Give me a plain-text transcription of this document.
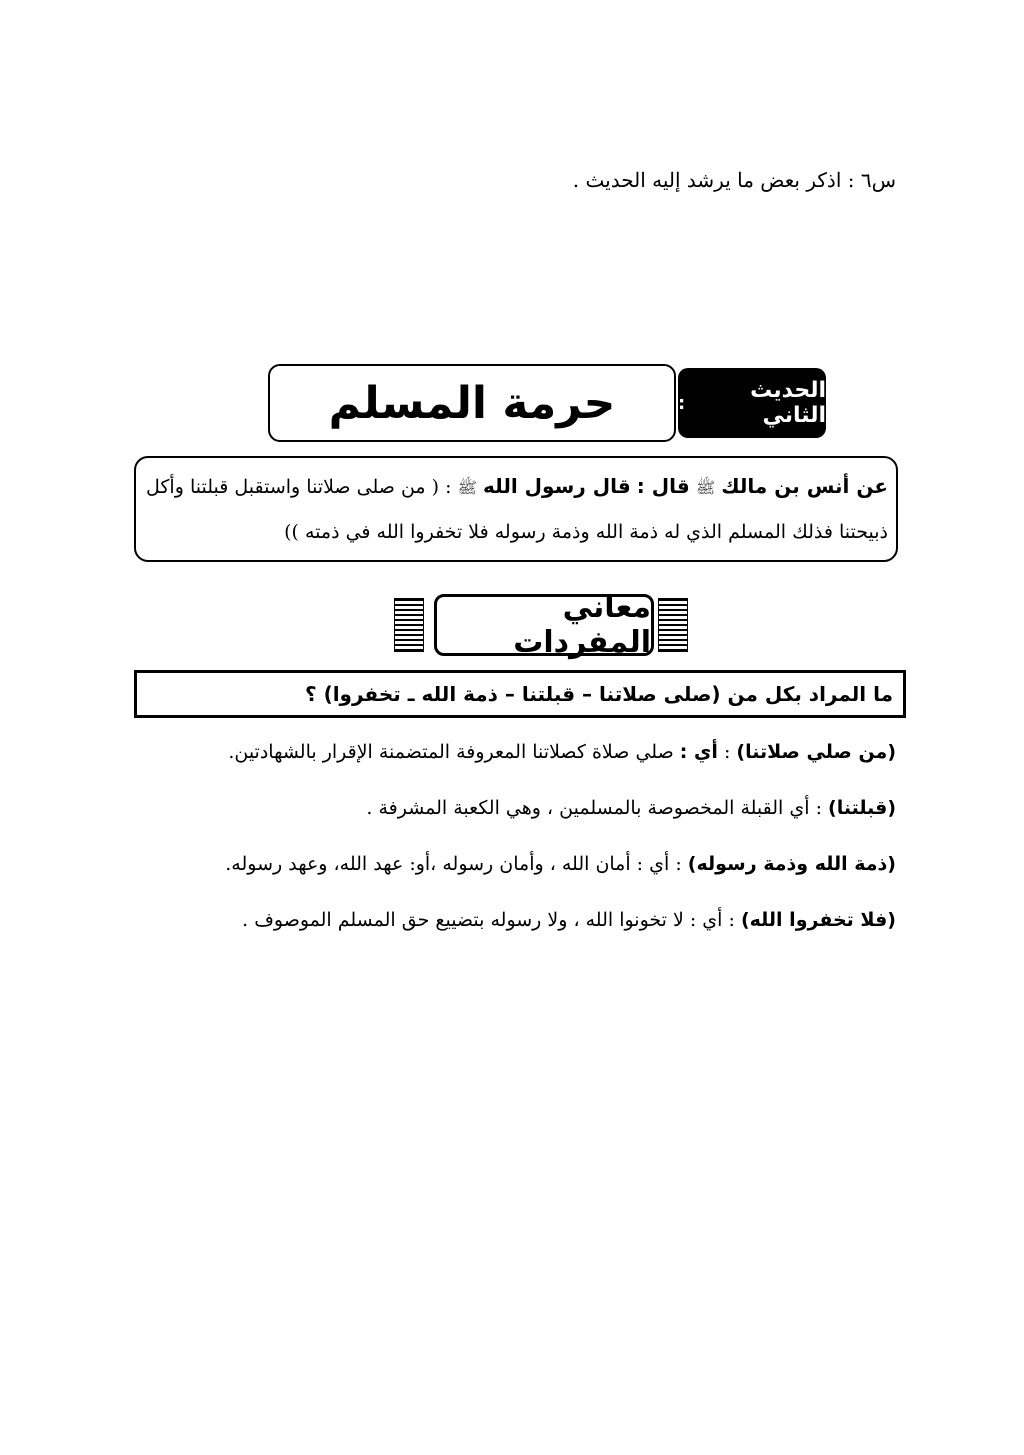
س٦ : اذكر بعض ما يرشد إليه الحديث .
حرمة المسلم	الحديث الثاني
:
عن أنس بن مالك ﷺ قال : قال رسول الله ﷺ : ( من صلى صلاتنا واستقبل قبلتنا وأكل ذبيحتنا فذلك المسلم الذي له ذمة الله وذمة رسوله فلا تخفروا الله في ذمته ))
معاني المفردات
ما المراد بكل من (صلى صلاتنا – قبلتنا – ذمة الله ـ تخفروا) ؟
(من صلي صلاتنا) : أي : صلي صلاة كصلاتنا المعروفة المتضمنة الإقرار بالشهادتين.
(قبلتنا) : أي القبلة المخصوصة بالمسلمين ، وهي الكعبة المشرفة .
(ذمة الله وذمة رسوله) : أي : أمان الله ، وأمان رسوله ،أو: عهد الله، وعهد رسوله.
(فلا تخفروا الله) : أي : لا تخونوا الله ، ولا رسوله بتضييع حق المسلم الموصوف .
